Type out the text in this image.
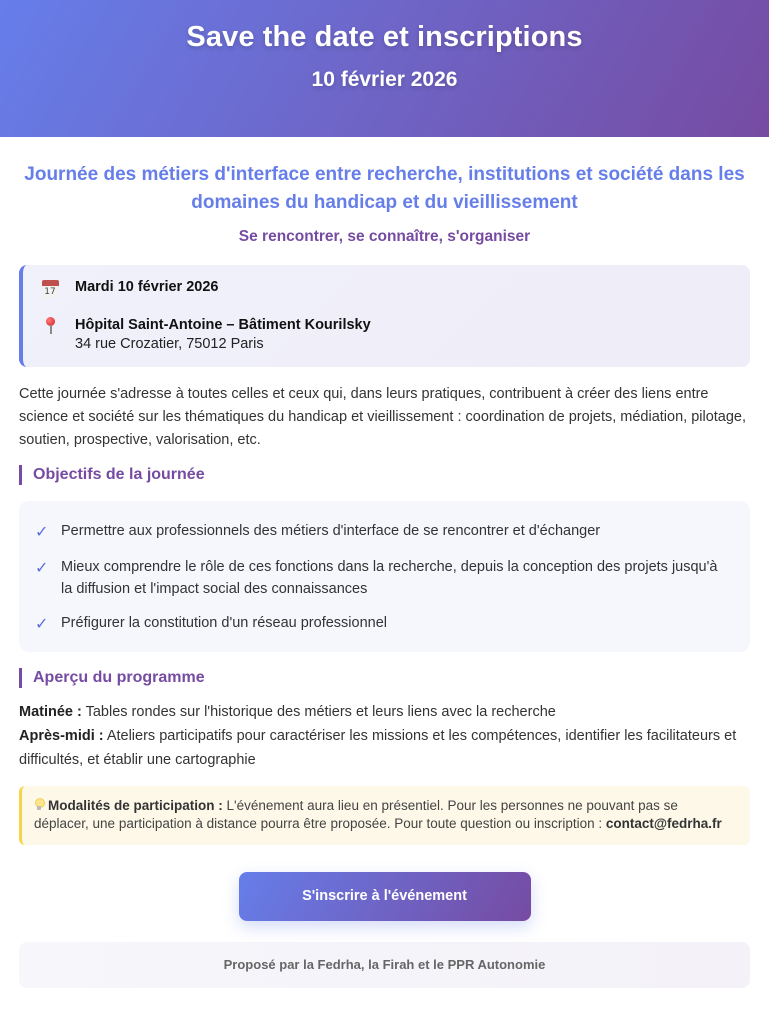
Save the date et inscriptions
10 février 2026
Journée des métiers d'interface entre recherche, institutions et société dans les domaines du handicap et du vieillissement
Se rencontrer, se connaître, s'organiser
17 Mardi 10 février 2026
Hôpital Saint-Antoine – Bâtiment Kourilsky
34 rue Crozatier, 75012 Paris

Cette journée s'adresse à toutes celles et ceux qui, dans leurs pratiques, contribuent à créer des liens entre science et société sur les thématiques du handicap et vieillissement : coordination de projets, médiation, pilotage, soutien, prospective, valorisation, etc.

Objectifs de la journée
✓ Permettre aux professionnels des métiers d'interface de se rencontrer et d'échanger
✓ Mieux comprendre le rôle de ces fonctions dans la recherche, depuis la conception des projets jusqu'à la diffusion et l'impact social des connaissances
✓ Préfigurer la constitution d'un réseau professionnel
Aperçu du programme
Matinée : Tables rondes sur l'historique des métiers et leurs liens avec la recherche
Après-midi : Ateliers participatifs pour caractériser les missions et les compétences, identifier les facilitateurs et difficultés, et établir une cartographie
Modalités de participation : L'événement aura lieu en présentiel. Pour les personnes ne pouvant pas se déplacer, une participation à distance pourra être proposée. Pour toute question ou inscription : contact@fedrha.fr
S'inscrire à l'événement
Proposé par la Fedrha, la Firah et le PPR Autonomie
